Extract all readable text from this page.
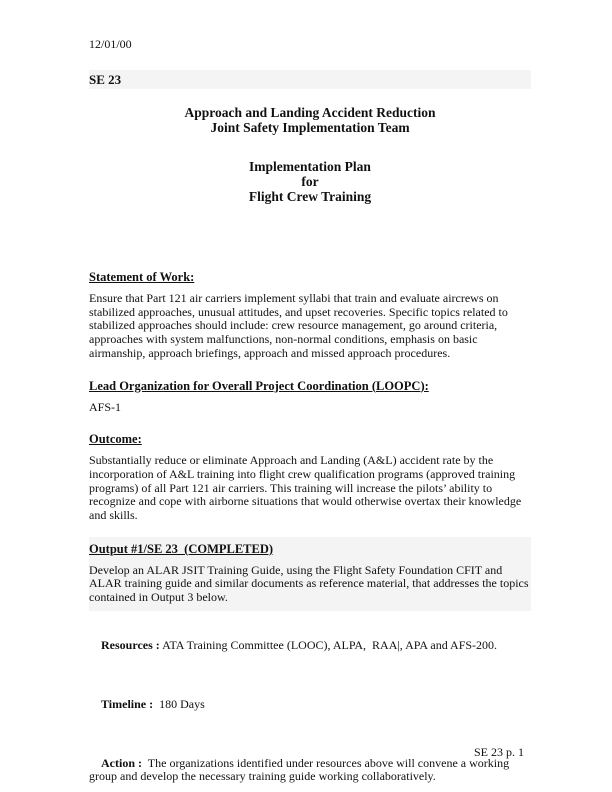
12/01/00
SE 23
Approach and Landing Accident Reduction
Joint Safety Implementation Team
Implementation Plan
for
Flight Crew Training
Statement of Work:

Ensure that Part 121 air carriers implement syllabi that train and evaluate aircrews on stabilized approaches, unusual attitudes, and upset recoveries. Specific topics related to stabilized approaches should include: crew resource management, go around criteria, approaches with system malfunctions, non-normal conditions, emphasis on basic airmanship, approach briefings, approach and missed approach procedures.

Lead Organization for Overall Project Coordination (LOOPC):

AFS-1

Outcome:

Substantially reduce or eliminate Approach and Landing (A&L) accident rate by the incorporation of A&L training into flight crew qualification programs (approved training programs) of all Part 121 air carriers. This training will increase the pilots’ ability to recognize and cope with airborne situations that would otherwise overtax their knowledge and skills.

Output #1/SE 23  (COMPLETED)

Develop an ALAR JSIT Training Guide, using the Flight Safety Foundation CFIT and ALAR training guide and similar documents as reference material, that addresses the topics contained in Output 3 below.

Resources : ATA Training Committee (LOOC), ALPA,  RAA|, APA and AFS-200.

Timeline :  180 Days

Action :  The organizations identified under resources above will convene a working group and develop the necessary training guide working collaboratively.

SE 23 p. 1
